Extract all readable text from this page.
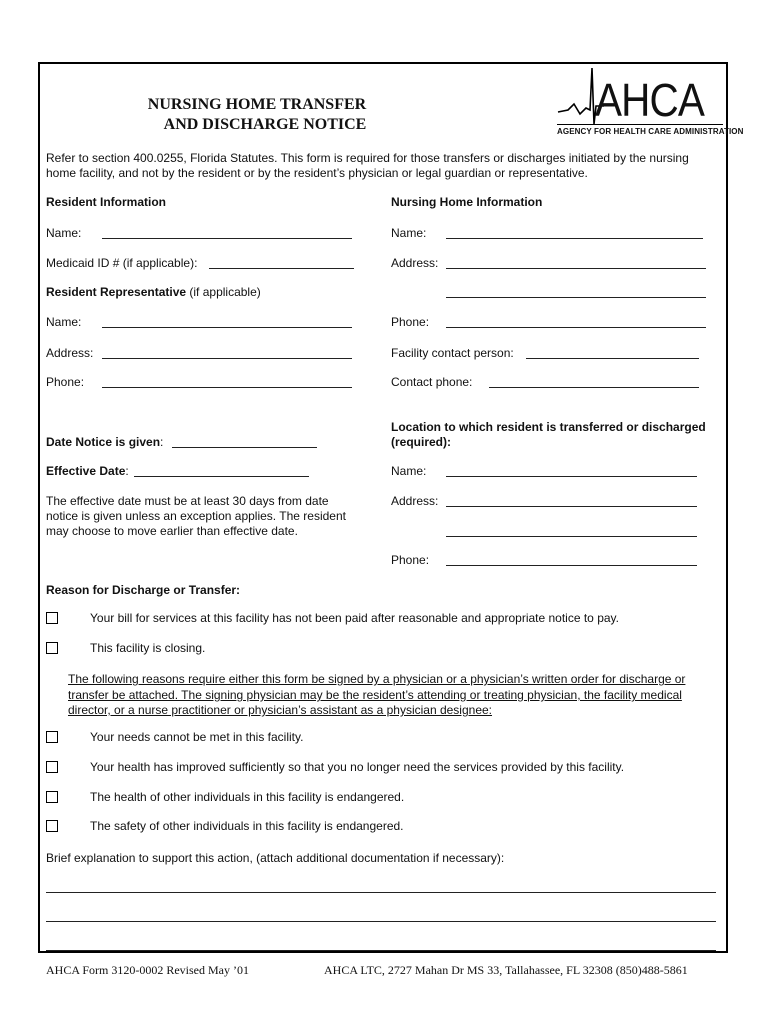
NURSING HOME TRANSFER
AND DISCHARGE NOTICE	AHCA
AGENCY FOR HEALTH CARE ADMINISTRATION
Refer to section 400.0255, Florida Statutes. This form is required for those transfers or discharges initiated by the nursing
home facility, and not by the resident or by the resident’s physician or legal guardian or representative.
Resident Information
Name:
Medicaid ID # (if applicable):
Resident Representative (if applicable)
Name:
Address:
Phone:
Nursing Home Information
Name:
Address:
Phone:
Facility contact person:
Contact phone:
Date Notice is given:
Effective Date:
The effective date must be at least 30 days from date
notice is given unless an exception applies. The resident
may choose to move earlier than effective date.
Location to which resident is transferred or discharged
(required):
Name:
Address:
Phone:
Reason for Discharge or Transfer:
Your bill for services at this facility has not been paid after reasonable and appropriate notice to pay.
This facility is closing.
The following reasons require either this form be signed by a physician or a physician’s written order for discharge or
transfer be attached. The signing physician may be the resident’s attending or treating physician, the facility medical
director, or a nurse practitioner or physician’s assistant as a physician designee:
Your needs cannot be met in this facility.
Your health has improved sufficiently so that you no longer need the services provided by this facility.
The health of other individuals in this facility is endangered.
The safety of other individuals in this facility is endangered.
Brief explanation to support this action, (attach additional documentation if necessary):
AHCA Form 3120-0002 Revised May ’01	AHCA LTC, 2727 Mahan Dr MS 33, Tallahassee, FL 32308 (850)488-5861
